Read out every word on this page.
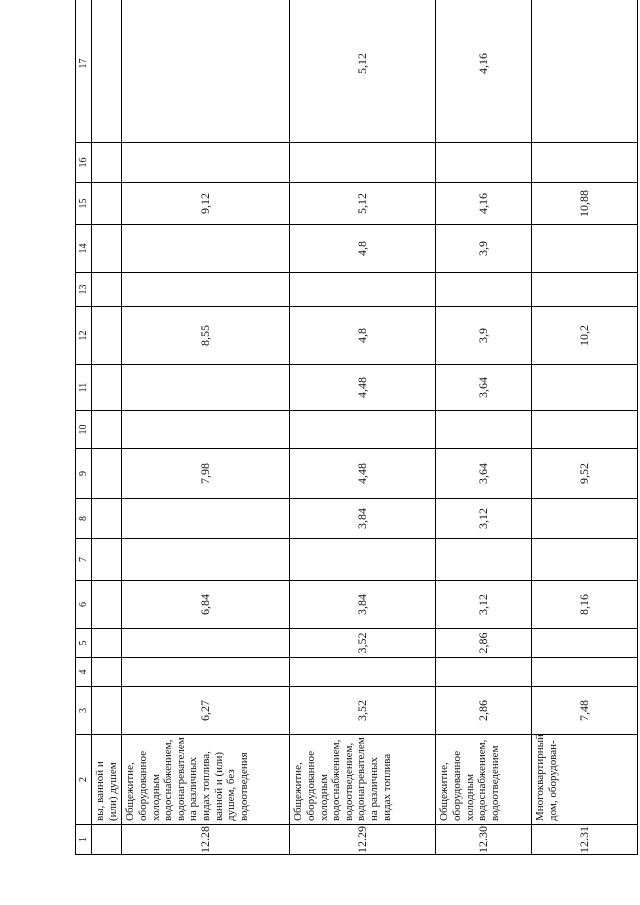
1	2	3	4	5	6	7	8	9	10	11	12	13	14	15	16	17
	вы, ванной и (или) душем															
12.28	Общежитие, оборудованное холодным водоснабжением, водонагревателем на различных видах топлива, ванной и (или) душем, без водоотведения	6,27			6,84			7,98			8,55			9,12		
12.29	Общежитие, оборудованное холодным водоснабжением, водоотведением, водонагревателем на различных видах топлива	3,52		3,52	3,84		3,84	4,48		4,48	4,8		4,8	5,12		5,12
12.30	Общежитие, оборудованное холодным водоснабжением, водоотведением	2,86		2,86	3,12		3,12	3,64		3,64	3,9		3,9	4,16		4,16
12.31	Многоквартирный дом, оборудован-	7,48			8,16			9,52			10,2			10,88		
